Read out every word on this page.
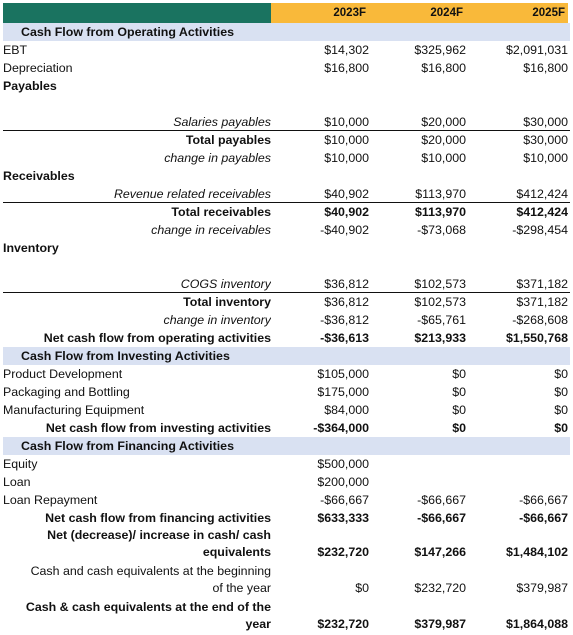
2023F	2024F	2025F
Cash Flow from Operating Activities
EBT	$14,302	$325,962	$2,091,031
Depreciation	$16,800	$16,800	$16,800
Payables
Salaries payables	$10,000	$20,000	$30,000
Total payables	$10,000	$20,000	$30,000
change in payables	$10,000	$10,000	$10,000
Receivables
Revenue related receivables	$40,902	$113,970	$412,424
Total receivables	$40,902	$113,970	$412,424
change in receivables	-$40,902	-$73,068	-$298,454
Inventory
COGS inventory	$36,812	$102,573	$371,182
Total inventory	$36,812	$102,573	$371,182
change in inventory	-$36,812	-$65,761	-$268,608
Net cash flow from operating activities	-$36,613	$213,933	$1,550,768
Cash Flow from Investing Activities
Product Development	$105,000	$0	$0
Packaging and Bottling	$175,000	$0	$0
Manufacturing Equipment	$84,000	$0	$0
Net cash flow from investing activities	-$364,000	$0	$0
Cash Flow from Financing Activities
Equity	$500,000
Loan	$200,000
Loan Repayment	-$66,667	-$66,667	-$66,667
Net cash flow from financing activities	$633,333	-$66,667	-$66,667
Net (decrease)/ increase in cash/ cash
equivalents	$232,720	$147,266	$1,484,102
Cash and cash equivalents at the beginning
of the year	$0	$232,720	$379,987
Cash & cash equivalents at the end of the
year	$232,720	$379,987	$1,864,088
